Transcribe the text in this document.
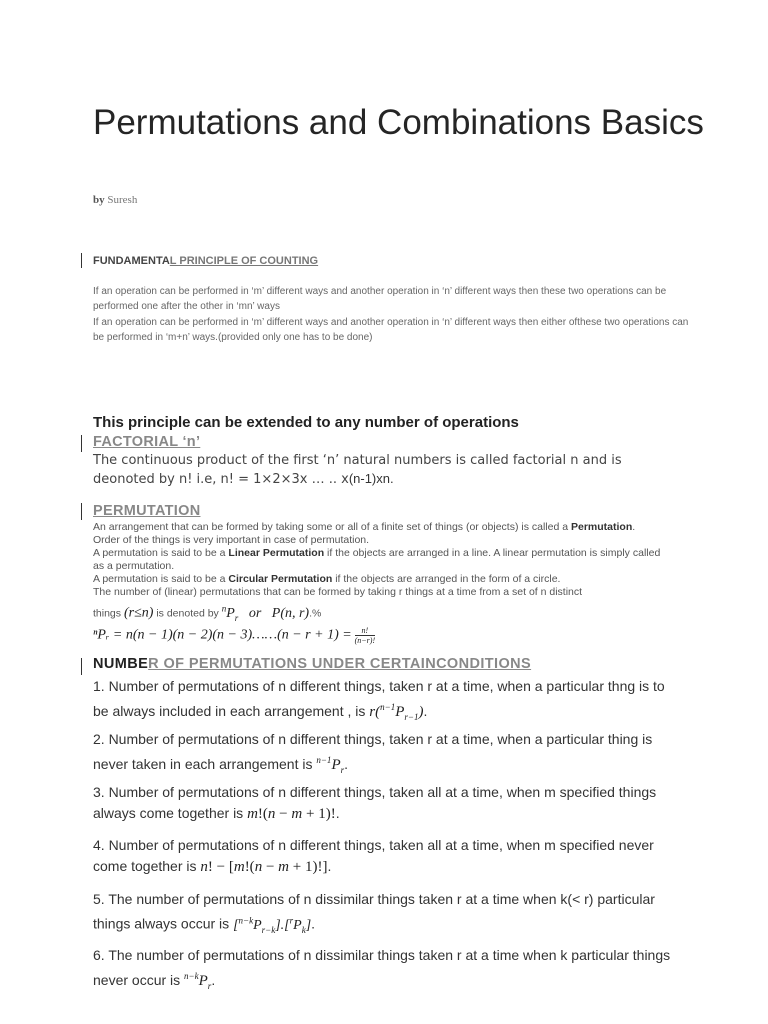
Permutations and Combinations Basics
by Suresh
FUNDAMENTAL PRINCIPLE OF COUNTING
If an operation can be performed in ‘m’ different ways and another operation in ‘n’ different ways then these two operations can be performed one after the other in ‘mn’ ways
If an operation can be performed in ‘m’ different ways and another operation in ‘n’ different ways then either ofthese two operations can be performed in ‘m+n’ ways.(provided only one has to be done)
This principle can be extended to any number of operations
FACTORIAL ‘n’
The continuous product of the first ‘n’ natural numbers is called factorial n and is deonoted by n! i.e, n! = 1×2×3x … .. x(n-1)xn.
PERMUTATION
An arrangement that can be formed by taking some or all of a finite set of things (or objects) is called a Permutation.
Order of the things is very important in case of permutation.
A permutation is said to be a Linear Permutation if the objects are arranged in a line. A linear permutation is simply called as a permutation.
A permutation is said to be a Circular Permutation if the objects are arranged in the form of a circle.
The number of (linear) permutations that can be formed by taking r things at a time from a set of n distinct
things (r≤n) is denoted by $^nP_r$   or   P(n, r).%
ⁿPᵣ = n(n − 1)(n − 2)(n − 3)……(n − $r + 1) = \frac{n!}{(n-r)!}$
NUMBER OF PERMUTATIONS UNDER CERTAINCONDITIONS
1. Number of permutations of n different things, taken r at a time, when a particular thng is to be always included in each arrangement , is $r(^{n-1}P_{r-1})$.
2. Number of permutations of n different things, taken r at a time, when a particular thing is never taken in each arrangement is $^{n-1}P_r$.
3. Number of permutations of n different things, taken all at a time, when m specified things always come together is m!(n − m + 1)!.
4. Number of permutations of n different things, taken all at a time, when m specified never come together is n! − [m!(n − m + 1)!].
5. The number of permutations of n dissimilar things taken r at a time when k(< r) particular things always occur is $[^{n-k}P_{r-k}].[^rP_k]$.
6. The number of permutations of n dissimilar things taken r at a time when k particular things never occur is $^{n-k}P_r$.
